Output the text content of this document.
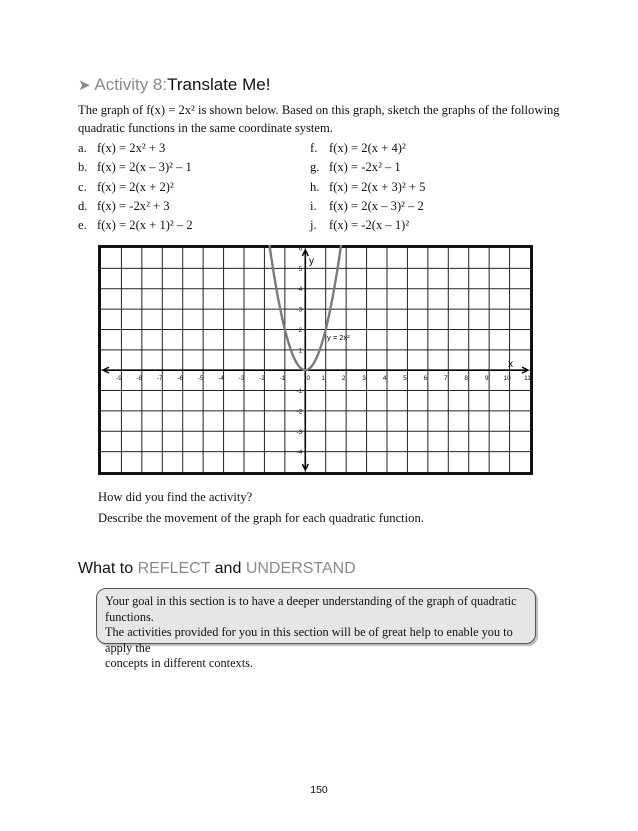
➤ Activity 8:Translate Me!
The graph of f(x) = 2x² is shown below. Based on this graph, sketch the graphs of the following
quadratic functions in the same coordinate system.
a. f(x) = 2x² + 3
b. f(x) = 2(x – 3)² – 1
c. f(x) = 2(x + 2)²
d. f(x) = -2x² + 3
e. f(x) = 2(x + 1)² – 2
f. f(x) = 2(x + 4)²
g. f(x) = -2x² – 1
h. f(x) = 2(x + 3)² + 5
i. f(x) = 2(x – 3)² – 2
j. f(x) = -2(x – 1)²
-9 -8 -7 -6 -5 -4 -3 -2 -1	0 1	2	3	4	5	6	7	8	9 10 11
6
5
4
3
2
1
-1
-2
-3
-4
x
y
y = 2x²
How did you find the activity?
Describe the movement of the graph for each quadratic function.
What to REFLECT and UNDERSTAND
Your goal in this section is to have a deeper understanding of the graph of quadratic functions.
The activities provided for you in this section will be of great help to enable you to apply the
concepts in different contexts.
150
